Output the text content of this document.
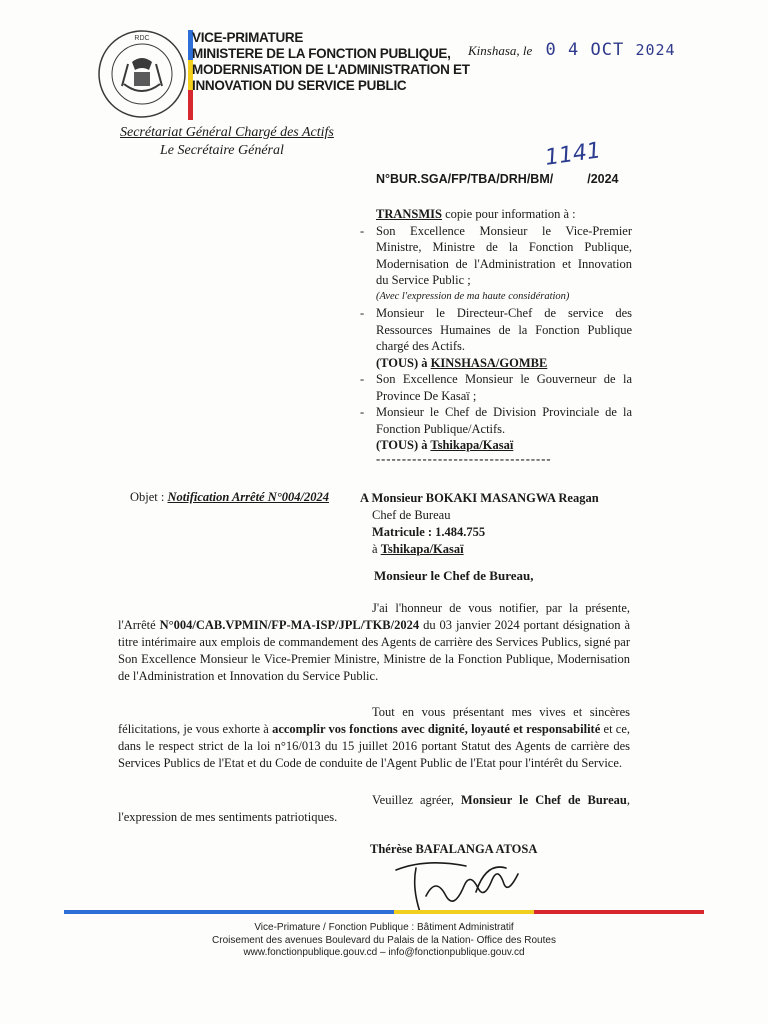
RDC	VICE-PRIMATURE
MINISTERE DE LA FONCTION PUBLIQUE,
MODERNISATION DE L'ADMINISTRATION ET
INNOVATION DU SERVICE PUBLIC
Secrétariat Général Chargé des Actifs
Le Secrétaire Général
Kinshasa, le 0 4 OCT 2024
1141
N°BUR.SGA/FP/TBA/DRH/BM/	/2024
TRANSMIS copie pour information à :
- Son Excellence Monsieur le Vice-Premier Ministre, Ministre de la Fonction Publique, Modernisation de l'Administration et Innovation du Service Public ;
(Avec l'expression de ma haute considération)
- Monsieur le Directeur-Chef de service des Ressources Humaines de la Fonction Publique chargé des Actifs.
(TOUS) à KINSHASA/GOMBE
- Son Excellence Monsieur le Gouverneur de la Province De Kasaï ;
- Monsieur le Chef de Division Provinciale de la Fonction Publique/Actifs.
(TOUS) à Tshikapa/Kasaï
----------------------------------
Objet : Notification Arrêté N°004/2024 A Monsieur BOKAKI MASANGWA Reagan
Chef de Bureau
Matricule : 1.484.755
à Tshikapa/Kasaï
Monsieur le Chef de Bureau,
J'ai l'honneur de vous notifier, par la présente, l'Arrêté N°004/CAB.VPMIN/FP-MA-ISP/JPL/TKB/2024 du 03 janvier 2024 portant désignation à titre intérimaire aux emplois de commandement des Agents de carrière des Services Publics, signé par Son Excellence Monsieur le Vice-Premier Ministre, Ministre de la Fonction Publique, Modernisation de l'Administration et Innovation du Service Public.
Tout en vous présentant mes vives et sincères félicitations, je vous exhorte à accomplir vos fonctions avec dignité, loyauté et responsabilité et ce, dans le respect strict de la loi n°16/013 du 15 juillet 2016 portant Statut des Agents de carrière des Services Publics de l'Etat et du Code de conduite de l'Agent Public de l'Etat pour l'intérêt du Service.
Veuillez agréer, Monsieur le Chef de Bureau, l'expression de mes sentiments patriotiques.
Thérèse BAFALANGA ATOSA
Vice-Primature / Fonction Publique : Bâtiment Administratif
Croisement des avenues Boulevard du Palais de la Nation- Office des Routes
www.fonctionpublique.gouv.cd – info@fonctionpublique.gouv.cd
